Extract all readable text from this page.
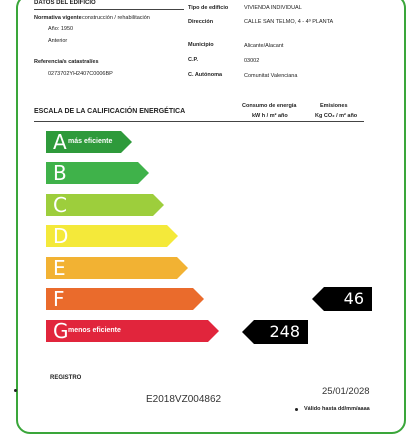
DATOS DEL EDIFICIO
Normativa vigente construcción / rehabilitación
Año: 1950
Anterior
Referencia/s catastral/es
0273702YH2407C0006BP
Tipo de edificio	VIVIENDA INDIVIDUAL
Dirección	CALLE SAN TELMO, 4 - 4º PLANTA
Municipio	Alicante/Alacant
C.P.	03002
C. Autónoma	Comunitat Valenciana
ESCALA DE LA CALIFICACIÓN ENERGÉTICA
Consumo de energía
kW h / m² año
Emisiones
Kg CO₂ / m² año
A más eficiente
B
C
D
E
F
G menos eficiente
46
248
REGISTRO
E2018VZ004862
25/01/2028
Válido hasta dd/mm/aaaa
